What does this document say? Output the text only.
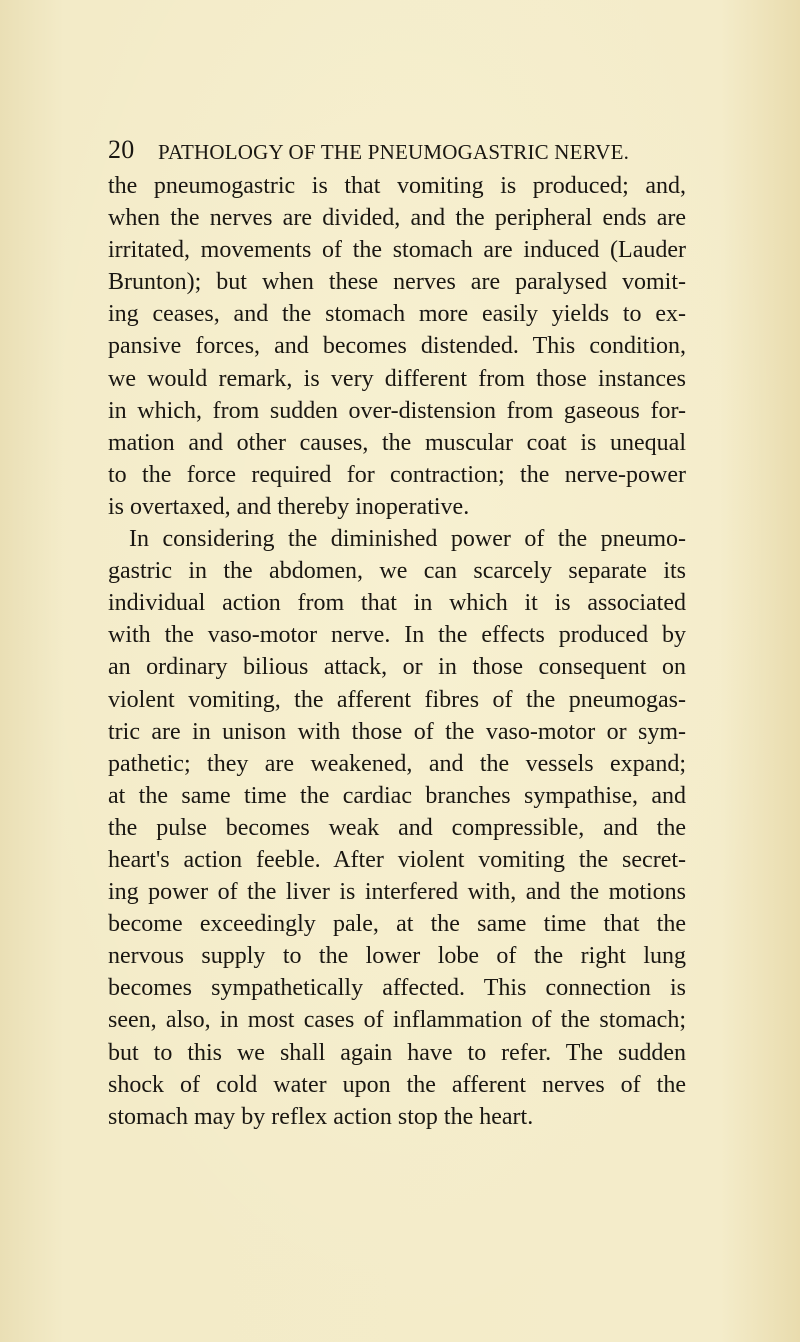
20 PATHOLOGY OF THE PNEUMOGASTRIC NERVE.
the pneumogastric is that vomiting is produced; and,
when the nerves are divided, and the peripheral ends are
irritated, movements of the stomach are induced (Lauder
Brunton); but when these nerves are paralysed vomit-
ing ceases, and the stomach more easily yields to ex-
pansive forces, and becomes distended. This condition,
we would remark, is very different from those instances
in which, from sudden over-distension from gaseous for-
mation and other causes, the muscular coat is unequal
to the force required for contraction; the nerve-power
is overtaxed, and thereby inoperative.
In considering the diminished power of the pneumo-
gastric in the abdomen, we can scarcely separate its
individual action from that in which it is associated
with the vaso-motor nerve. In the effects produced by
an ordinary bilious attack, or in those consequent on
violent vomiting, the afferent fibres of the pneumogas-
tric are in unison with those of the vaso-motor or sym-
pathetic; they are weakened, and the vessels expand;
at the same time the cardiac branches sympathise, and
the pulse becomes weak and compressible, and the
heart's action feeble. After violent vomiting the secret-
ing power of the liver is interfered with, and the motions
become exceedingly pale, at the same time that the
nervous supply to the lower lobe of the right lung
becomes sympathetically affected. This connection is
seen, also, in most cases of inflammation of the stomach;
but to this we shall again have to refer. The sudden
shock of cold water upon the afferent nerves of the
stomach may by reflex action stop the heart.
